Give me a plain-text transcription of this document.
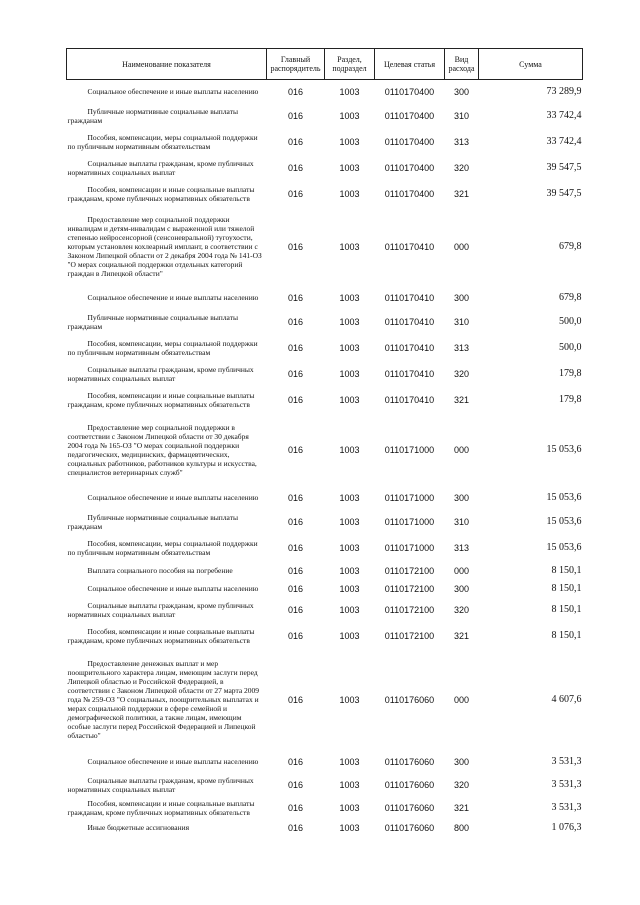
Наименование показателя	Главный распорядитель	Раздел, подраздел	Целевая статья	Вид расхода	Сумма

Социальное обеспечение и иные выплаты населению	016	1003	0110170400	300	73 289,9

Публичные нормативные социальные выплаты гражданам	016	1003	0110170400	310	33 742,4

Пособия, компенсации, меры социальной поддержки по публичным нормативным обязательствам	016	1003	0110170400	313	33 742,4

Социальные выплаты гражданам, кроме публичных нормативных социальных выплат	016	1003	0110170400	320	39 547,5

Пособия, компенсации и иные социальные выплаты гражданам, кроме публичных нормативных обязательств	016	1003	0110170400	321	39 547,5

Предоставление мер социальной поддержки инвалидам и детям-инвалидам с выраженной или тяжелой степенью нейросенсорной (сенсоневральной) тугоухости, которым установлен кохлеарный имплант, в соответствии с Законом Липецкой области от 2 декабря 2004 года № 141-ОЗ "О мерах социальной поддержки отдельных категорий граждан в Липецкой области"	016	1003	0110170410	000	679,8

Социальное обеспечение и иные выплаты населению	016	1003	0110170410	300	679,8

Публичные нормативные социальные выплаты гражданам	016	1003	0110170410	310	500,0

Пособия, компенсации, меры социальной поддержки по публичным нормативным обязательствам	016	1003	0110170410	313	500,0

Социальные выплаты гражданам, кроме публичных нормативных социальных выплат	016	1003	0110170410	320	179,8

Пособия, компенсации и иные социальные выплаты гражданам, кроме публичных нормативных обязательств	016	1003	0110170410	321	179,8

Предоставление мер социальной поддержки в соответствии с Законом Липецкой области от 30 декабря 2004 года № 165-ОЗ "О мерах социальной поддержки педагогических, медицинских, фармацевтических, социальных работников, работников культуры и искусства, специалистов ветеринарных служб"	016	1003	0110171000	000	15 053,6

Социальное обеспечение и иные выплаты населению	016	1003	0110171000	300	15 053,6

Публичные нормативные социальные выплаты гражданам	016	1003	0110171000	310	15 053,6

Пособия, компенсации, меры социальной поддержки по публичным нормативным обязательствам	016	1003	0110171000	313	15 053,6

Выплата социального пособия на погребение	016	1003	0110172100	000	8 150,1

Социальное обеспечение и иные выплаты населению	016	1003	0110172100	300	8 150,1

Социальные выплаты гражданам, кроме публичных нормативных социальных выплат	016	1003	0110172100	320	8 150,1

Пособия, компенсации и иные социальные выплаты гражданам, кроме публичных нормативных обязательств	016	1003	0110172100	321	8 150,1

Предоставление денежных выплат и мер поощрительного характера лицам, имеющим заслуги перед Липецкой областью и Российской Федерацией, в соответствии с Законом Липецкой области от 27 марта 2009 года № 259-ОЗ "О социальных, поощрительных выплатах и мерах социальной поддержки в сфере семейной и демографической политики, а также лицам, имеющим особые заслуги перед Российской Федерацией и Липецкой областью"	016	1003	0110176060	000	4 607,6

Социальное обеспечение и иные выплаты населению	016	1003	0110176060	300	3 531,3

Социальные выплаты гражданам, кроме публичных нормативных социальных выплат	016	1003	0110176060	320	3 531,3

Пособия, компенсации и иные социальные выплаты гражданам, кроме публичных нормативных обязательств	016	1003	0110176060	321	3 531,3

Иные бюджетные ассигнования	016	1003	0110176060	800	1 076,3
